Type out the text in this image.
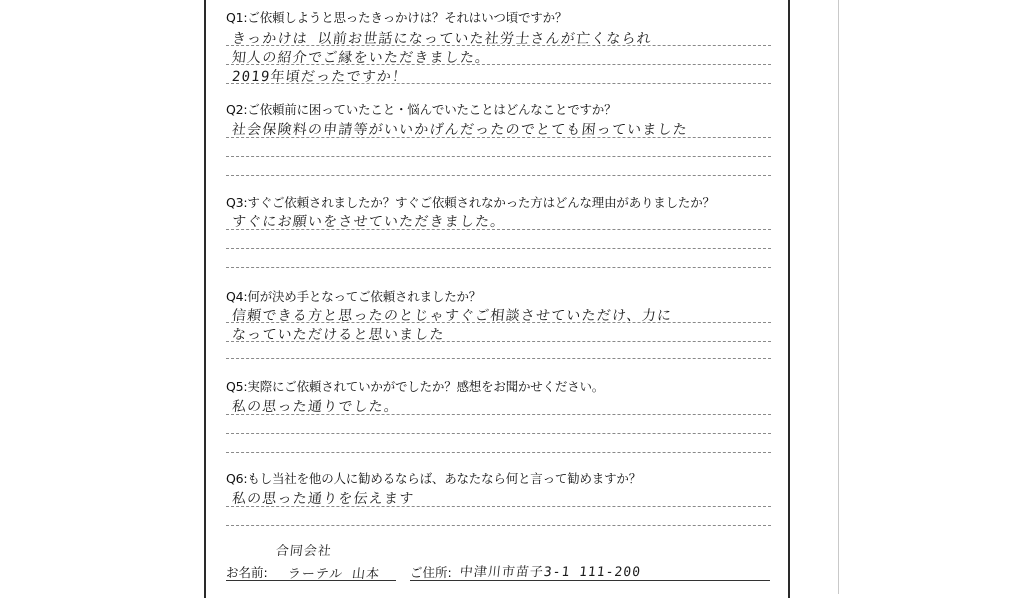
Q1:ご依頼しようと思ったきっかけは？それはいつ頃ですか？
きっかけは 以前お世話になっていた社労士さんが亡くなられ
知人の紹介でご縁をいただきました。
2019年頃だったですか！
Q2:ご依頼前に困っていたこと・悩んでいたことはどんなことですか？
社会保険料の申請等がいいかげんだったのでとても困っていました
Q3:すぐご依頼されましたか？すぐご依頼されなかった方はどんな理由がありましたか？
すぐにお願いをさせていただきました。
Q4:何が決め手となってご依頼されましたか？
信頼できる方と思ったのとじゃすぐご相談させていただけ、力に
なっていただけると思いました
Q5:実際にご依頼されていかがでしたか？感想をお聞かせください。
私の思った通りでした。
Q6:もし当社を他の人に勧めるならば、あなたなら何と言って勧めますか？
私の思った通りを伝えます
お名前:
合同会社
ラーテル 山本 ご住所: 中津川市苗子3-1 111-200
